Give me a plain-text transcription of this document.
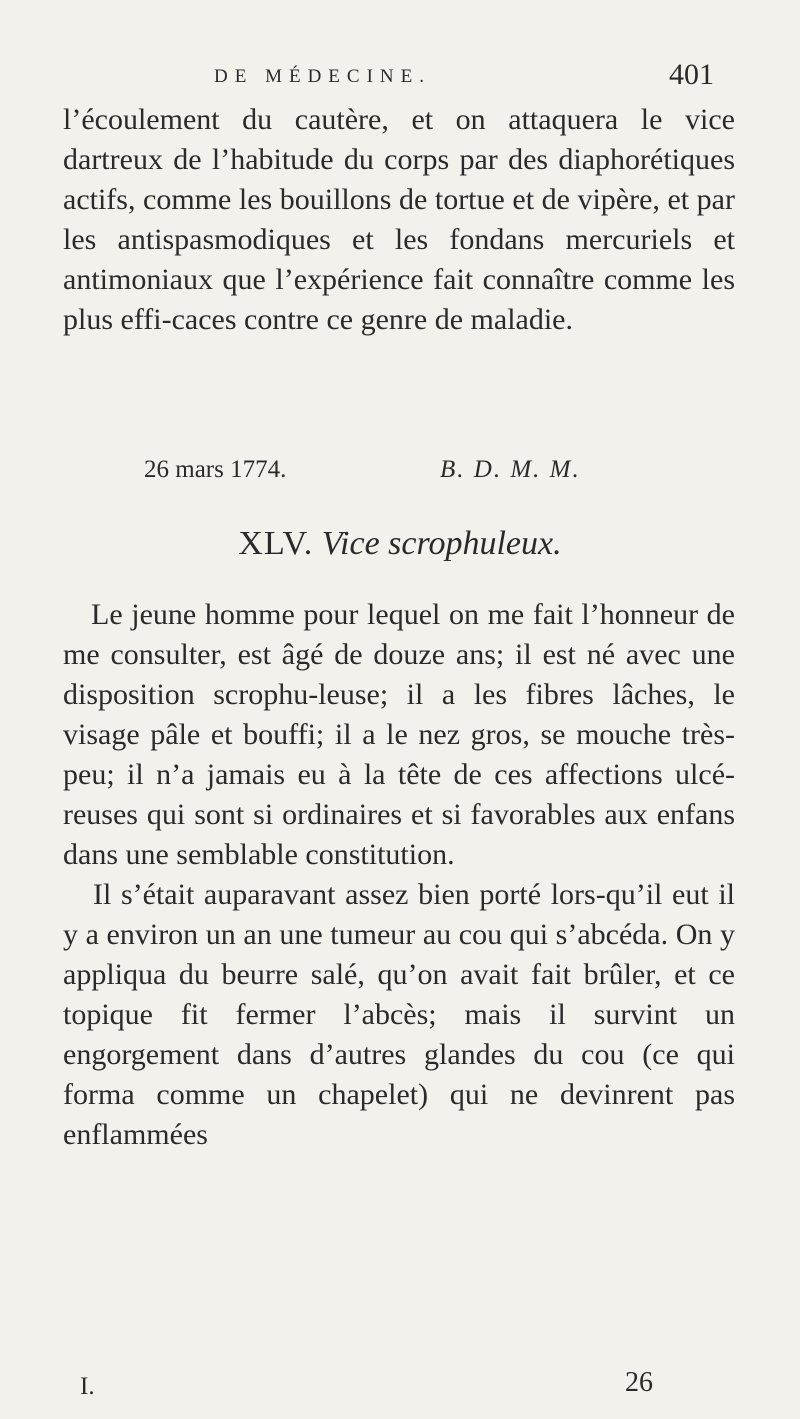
DE MÉDECINE.	401

l’écoulement du cautère, et on attaquera le vice dartreux de l’habitude du corps par des diaphorétiques actifs, comme les bouillons de tortue et de vipère, et par les antispasmodiques et les fondans mercuriels et antimoniaux que l’expérience fait connaître comme les plus effi-caces contre ce genre de maladie.

26 mars 1774.	B. D. M. M.
XLV. Vice scrophuleux.

Le jeune homme pour lequel on me fait l’honneur de me consulter, est âgé de douze ans; il est né avec une disposition scrophu-leuse; il a les fibres lâches, le visage pâle et bouffi; il a le nez gros, se mouche très-peu; il n’a jamais eu à la tête de ces affections ulcé-reuses qui sont si ordinaires et si favorables aux enfans dans une semblable constitution.

Il s’était auparavant assez bien porté lors-qu’il eut il y a environ un an une tumeur au cou qui s’abcéda. On y appliqua du beurre salé, qu’on avait fait brûler, et ce topique fit fermer l’abcès; mais il survint un engorgement dans d’autres glandes du cou (ce qui forma comme un chapelet) qui ne devinrent pas enflammées

I.	26
